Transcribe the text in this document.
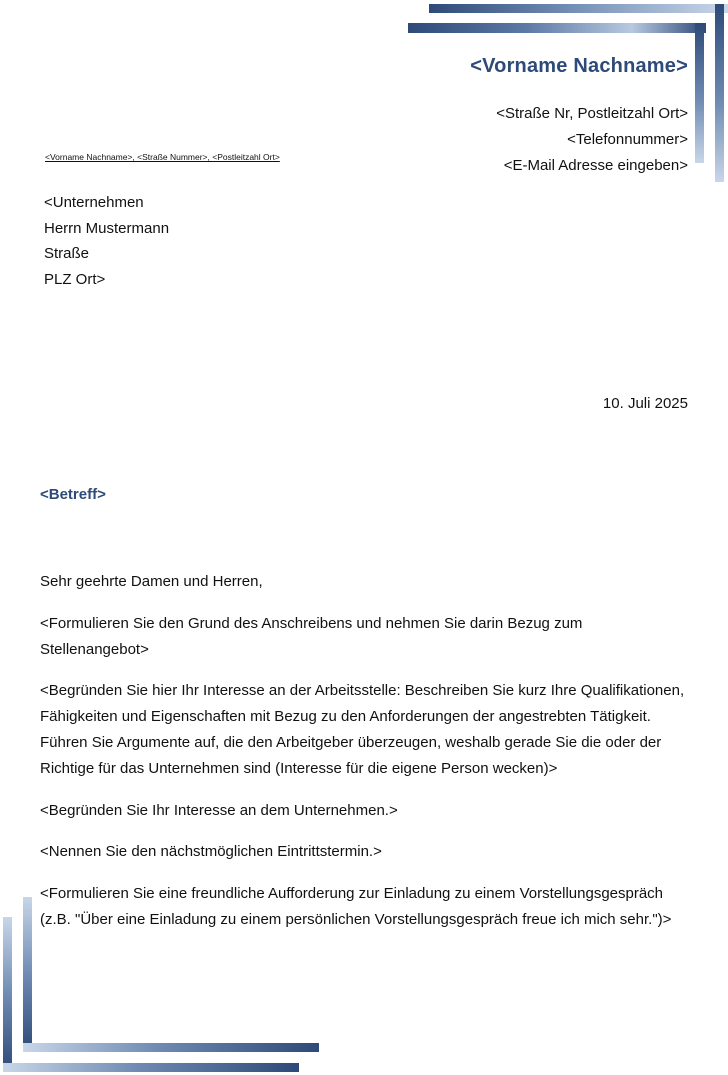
<Vorname Nachname>
<Straße Nr, Postleitzahl Ort>
<Telefonnummer>
<E-Mail Adresse eingeben>
<Vorname Nachname>, <Straße Nummer>, <Postleitzahl Ort>
<Unternehmen
Herrn Mustermann
Straße
PLZ Ort>
10. Juli 2025
<Betreff>

Sehr geehrte Damen und Herren,

<Formulieren Sie den Grund des Anschreibens und nehmen Sie darin Bezug zum Stellenangebot>

<Begründen Sie hier Ihr Interesse an der Arbeitsstelle: Beschreiben Sie kurz Ihre Qualifikationen, Fähigkeiten und Eigenschaften mit Bezug zu den Anforderungen der angestrebten Tätigkeit. Führen Sie Argumente auf, die den Arbeitgeber überzeugen, weshalb gerade Sie die oder der Richtige für das Unternehmen sind (Interesse für die eigene Person wecken)>

<Begründen Sie Ihr Interesse an dem Unternehmen.>

<Nennen Sie den nächstmöglichen Eintrittstermin.>

<Formulieren Sie eine freundliche Aufforderung zur Einladung zu einem Vorstellungsgespräch (z.B. "Über eine Einladung zu einem persönlichen Vorstellungsgespräch freue ich mich sehr.")>
